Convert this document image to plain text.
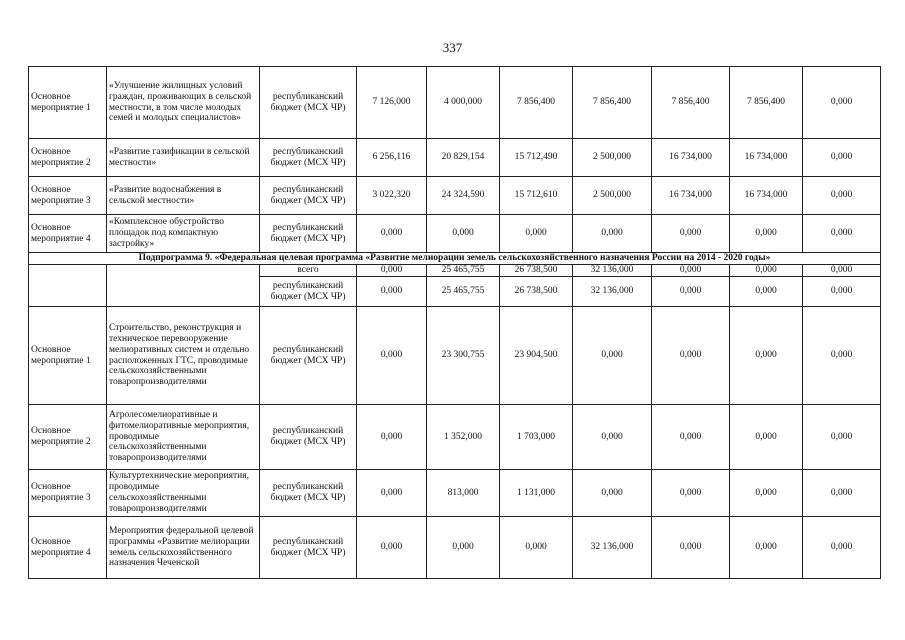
337
Основное мероприятие 1	«Улучшение жилищных условий граждан, проживающих в сельской местности, в том числе молодых семей и молодых специалистов»	республиканский бюджет (МСХ ЧР)	7 126,000	4 000,000	7 856,400	7 856,400	7 856,400	7 856,400	0,000
Основное мероприятие 2	«Развитие газификации в сельской местности»	республиканский бюджет (МСХ ЧР)	6 256,116	20 829,154	15 712,490	2 500,000	16 734,000	16 734,000	0,000
Основное мероприятие 3	«Развитие водоснабжения в сельской местности»	республиканский бюджет (МСХ ЧР)	3 022,320	24 324,590	15 712,610	2 500,000	16 734,000	16 734,000	0,000
Основное мероприятие 4	«Комплексное обустройство площадок под компактную застройку»	республиканский бюджет (МСХ ЧР)	0,000	0,000	0,000	0,000	0,000	0,000	0,000
Подпрограмма 9. «Федеральная целевая программа «Развитие мелиорации земель сельскохозяйственного назначения России на 2014 - 2020 годы»									
		всего	0,000	25 465,755	26 738,500	32 136,000	0,000	0,000	0,000
		республиканский бюджет (МСХ ЧР)	0,000	25 465,755	26 738,500	32 136,000	0,000	0,000	0,000
Основное мероприятие 1	Строительство, реконструкция и техническое перевооружение мелиоративных систем и отдельно расположенных ГТС, проводимые сельскохозяйственными товаропроизводителями	республиканский бюджет (МСХ ЧР)	0,000	23 300,755	23 904,500	0,000	0,000	0,000	0,000
Основное мероприятие 2	Агролесомелиоративные и фитомелиоративные мероприятия, проводимые сельскохозяйственными товаропроизводителями	республиканский бюджет (МСХ ЧР)	0,000	1 352,000	1 703,000	0,000	0,000	0,000	0,000
Основное мероприятие 3	Культуртехнические мероприятия, проводимые сельскохозяйственными товаропроизводителями	республиканский бюджет (МСХ ЧР)	0,000	813,000	1 131,000	0,000	0,000	0,000	0,000
Основное мероприятие 4	Мероприятия федеральной целевой программы «Развитие мелиорации земель сельскохозяйственного назначения Чеченской	республиканский бюджет (МСХ ЧР)	0,000	0,000	0,000	32 136,000	0,000	0,000	0,000
